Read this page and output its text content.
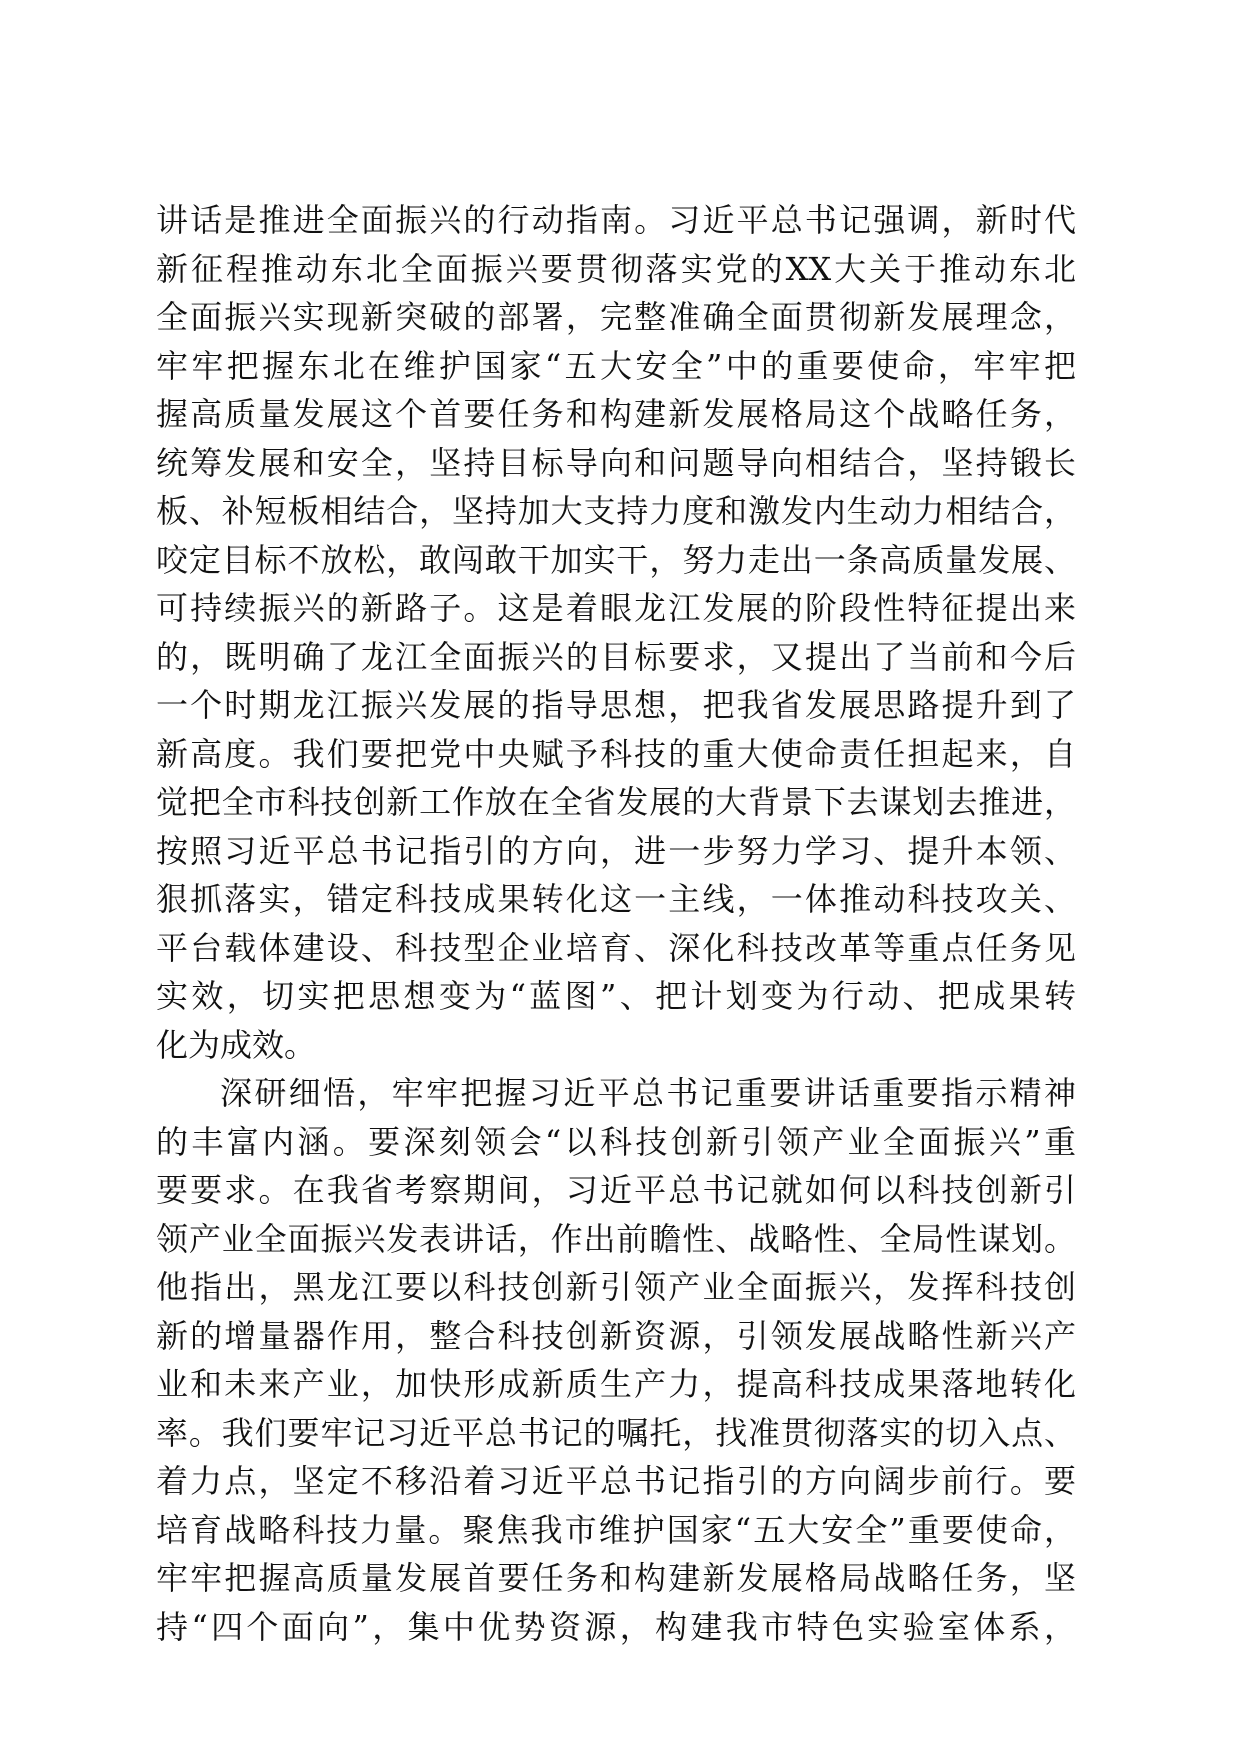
讲话是推进全面振兴的行动指南。习近平总书记强调，新时代
新征程推动东北全面振兴要贯彻落实党的XX大关于推动东北
全面振兴实现新突破的部署，完整准确全面贯彻新发展理念，
牢牢把握东北在维护国家“五大安全”中的重要使命，牢牢把
握高质量发展这个首要任务和构建新发展格局这个战略任务，
统筹发展和安全，坚持目标导向和问题导向相结合，坚持锻长
板、补短板相结合，坚持加大支持力度和激发内生动力相结合，
咬定目标不放松，敢闯敢干加实干，努力走出一条高质量发展、
可持续振兴的新路子。这是着眼龙江发展的阶段性特征提出来
的，既明确了龙江全面振兴的目标要求，又提出了当前和今后
一个时期龙江振兴发展的指导思想，把我省发展思路提升到了
新高度。我们要把党中央赋予科技的重大使命责任担起来，自
觉把全市科技创新工作放在全省发展的大背景下去谋划去推进，
按照习近平总书记指引的方向，进一步努力学习、提升本领、
狠抓落实，错定科技成果转化这一主线，一体推动科技攻关、
平台载体建设、科技型企业培育、深化科技改革等重点任务见
实效，切实把思想变为“蓝图”、把计划变为行动、把成果转
化为成效。
深研细悟，牢牢把握习近平总书记重要讲话重要指示精神
的丰富内涵。要深刻领会“以科技创新引领产业全面振兴”重
要要求。在我省考察期间，习近平总书记就如何以科技创新引
领产业全面振兴发表讲话，作出前瞻性、战略性、全局性谋划。
他指出，黑龙江要以科技创新引领产业全面振兴，发挥科技创
新的增量器作用，整合科技创新资源，引领发展战略性新兴产
业和未来产业，加快形成新质生产力，提高科技成果落地转化
率。我们要牢记习近平总书记的嘱托，找准贯彻落实的切入点、
着力点，坚定不移沿着习近平总书记指引的方向阔步前行。要
培育战略科技力量。聚焦我市维护国家“五大安全”重要使命，
牢牢把握高质量发展首要任务和构建新发展格局战略任务，坚
持“四个面向”，集中优势资源，构建我市特色实验室体系，
